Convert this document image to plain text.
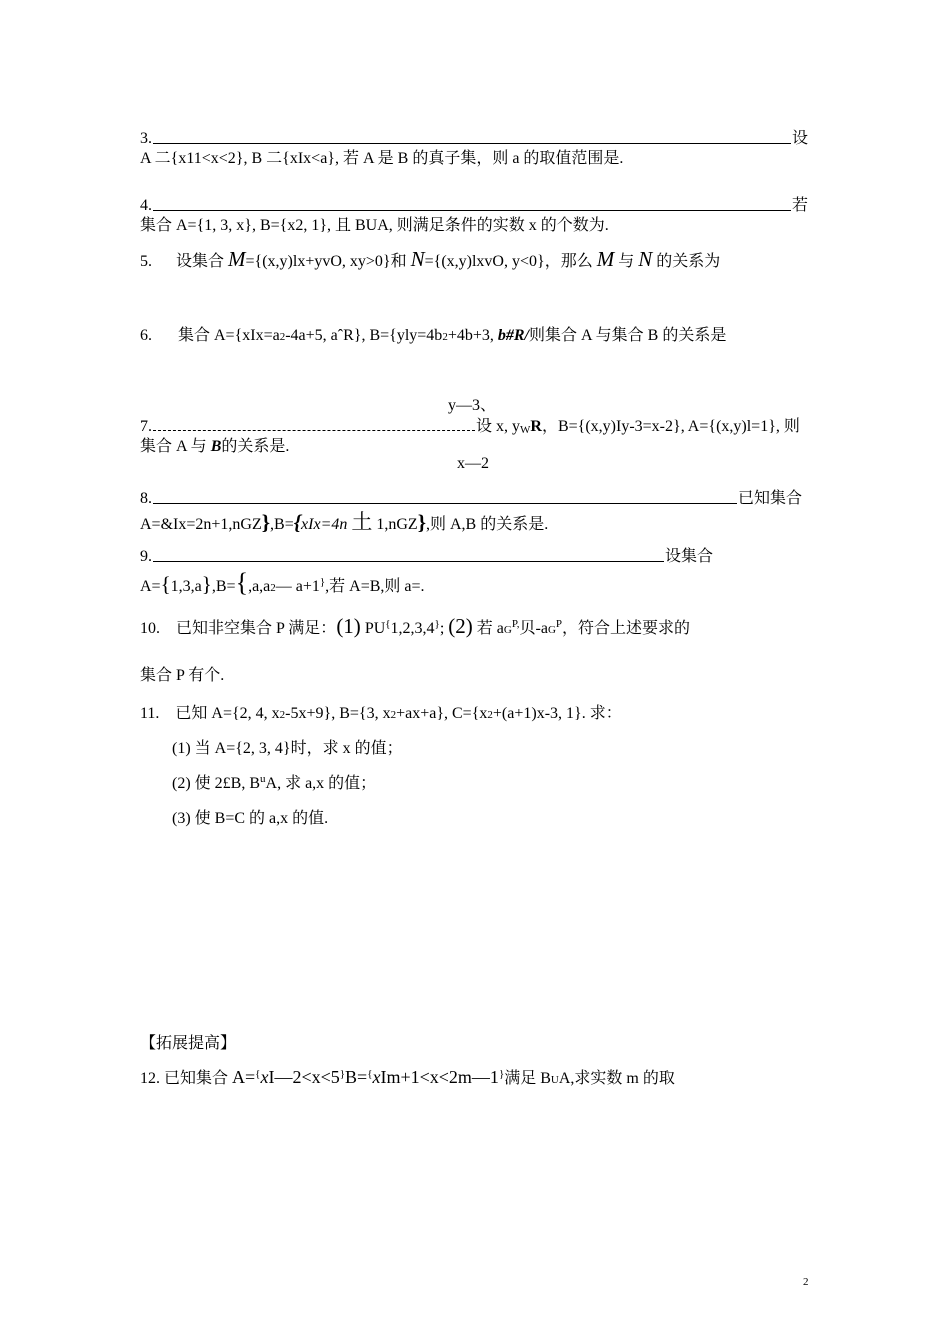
3.	设
A 二{x11<x<2}, B 二{xIx<a}, 若 A 是 B 的真子集，则 a 的取值范围是.
4.	若
集合 A={1, 3, x}, B={x2, 1}, 且 BUA, 则满足条件的实数 x 的个数为.
5. 设集合 M={(x,y)lx+yvO, xy>0}和 N={(x,y)lxvO, y<0}，那么 M 与 N 的关系为
6. 集合 A={xIx=a2-4a+5, aˆR}, B={yly=4b2+4b+3, b#R/则集合 A 与集合 B 的关系是
y—3、
7.	设 x, y W R ，B={(x,y)Iy-3=x-2}, A={(x,y)l=1}, 则
集合 A 与 B的关系是.
x—2
8.	已知集合
A=&Ix=2n+1,nGZ},B={xIx=4n 土 1,nGZ},则 A,B 的关系是.
9.	设集合
A={1,3,a},B={,a,a2— a+1},若 A=B,则 a=.
10. 已知非空集合 P 满足：(1) PU{1,2,3,4}; (2) 若 $aG^{P,}$贝$-aG^P$，符合上述要求的
集合 P 有个.
11. 已知 A={2, 4, x2-5x+9}, B={3, x2+ax+a}, C={x2+(a+1)x-3, 1}. 求：
(1) 当 A={2, 3, 4}时，求 x 的值；
(2) 使 2£B, $B^uA$, 求 a,x 的值；
(3) 使 B=C 的 a,x 的值.
【拓展提高】
12. 已知集合 A={xI—2<x<5}B={xIm+1<x<2m—1}满足 BUA,求实数 m 的取
2
